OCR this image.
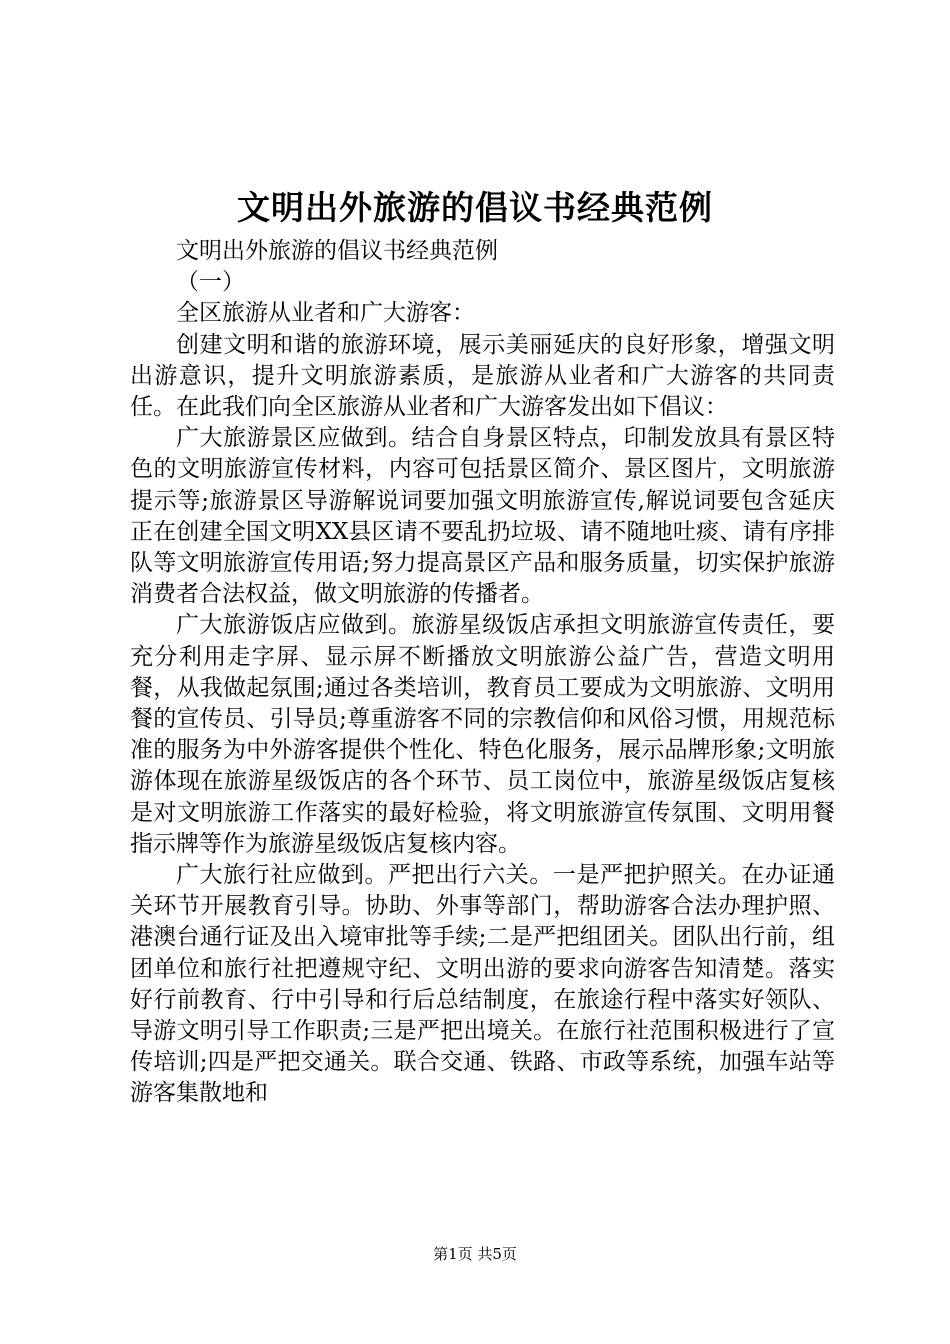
文明出外旅游的倡议书经典范例

文明出外旅游的倡议书经典范例

（一）

全区旅游从业者和广大游客：

创建文明和谐的旅游环境，展示美丽延庆的良好形象，增强文明出游意识，提升文明旅游素质，是旅游从业者和广大游客的共同责任。在此我们向全区旅游从业者和广大游客发出如下倡议：

广大旅游景区应做到。结合自身景区特点，印制发放具有景区特色的文明旅游宣传材料，内容可包括景区简介、景区图片，文明旅游提示等;旅游景区导游解说词要加强文明旅游宣传,解说词要包含延庆正在创建全国文明XX县区请不要乱扔垃圾、请不随地吐痰、请有序排队等文明旅游宣传用语;努力提高景区产品和服务质量，切实保护旅游消费者合法权益，做文明旅游的传播者。

广大旅游饭店应做到。旅游星级饭店承担文明旅游宣传责任，要充分利用走字屏、显示屏不断播放文明旅游公益广告，营造文明用餐，从我做起氛围;通过各类培训，教育员工要成为文明旅游、文明用餐的宣传员、引导员;尊重游客不同的宗教信仰和风俗习惯，用规范标准的服务为中外游客提供个性化、特色化服务，展示品牌形象;文明旅游体现在旅游星级饭店的各个环节、员工岗位中，旅游星级饭店复核是对文明旅游工作落实的最好检验，将文明旅游宣传氛围、文明用餐指示牌等作为旅游星级饭店复核内容。

广大旅行社应做到。严把出行六关。一是严把护照关。在办证通关环节开展教育引导。协助、外事等部门，帮助游客合法办理护照、港澳台通行证及出入境审批等手续;二是严把组团关。团队出行前，组团单位和旅行社把遵规守纪、文明出游的要求向游客告知清楚。落实好行前教育、行中引导和行后总结制度，在旅途行程中落实好领队、导游文明引导工作职责;三是严把出境关。在旅行社范围积极进行了宣传培训;四是严把交通关。联合交通、铁路、市政等系统，加强车站等游客集散地和

第1页 共5页
